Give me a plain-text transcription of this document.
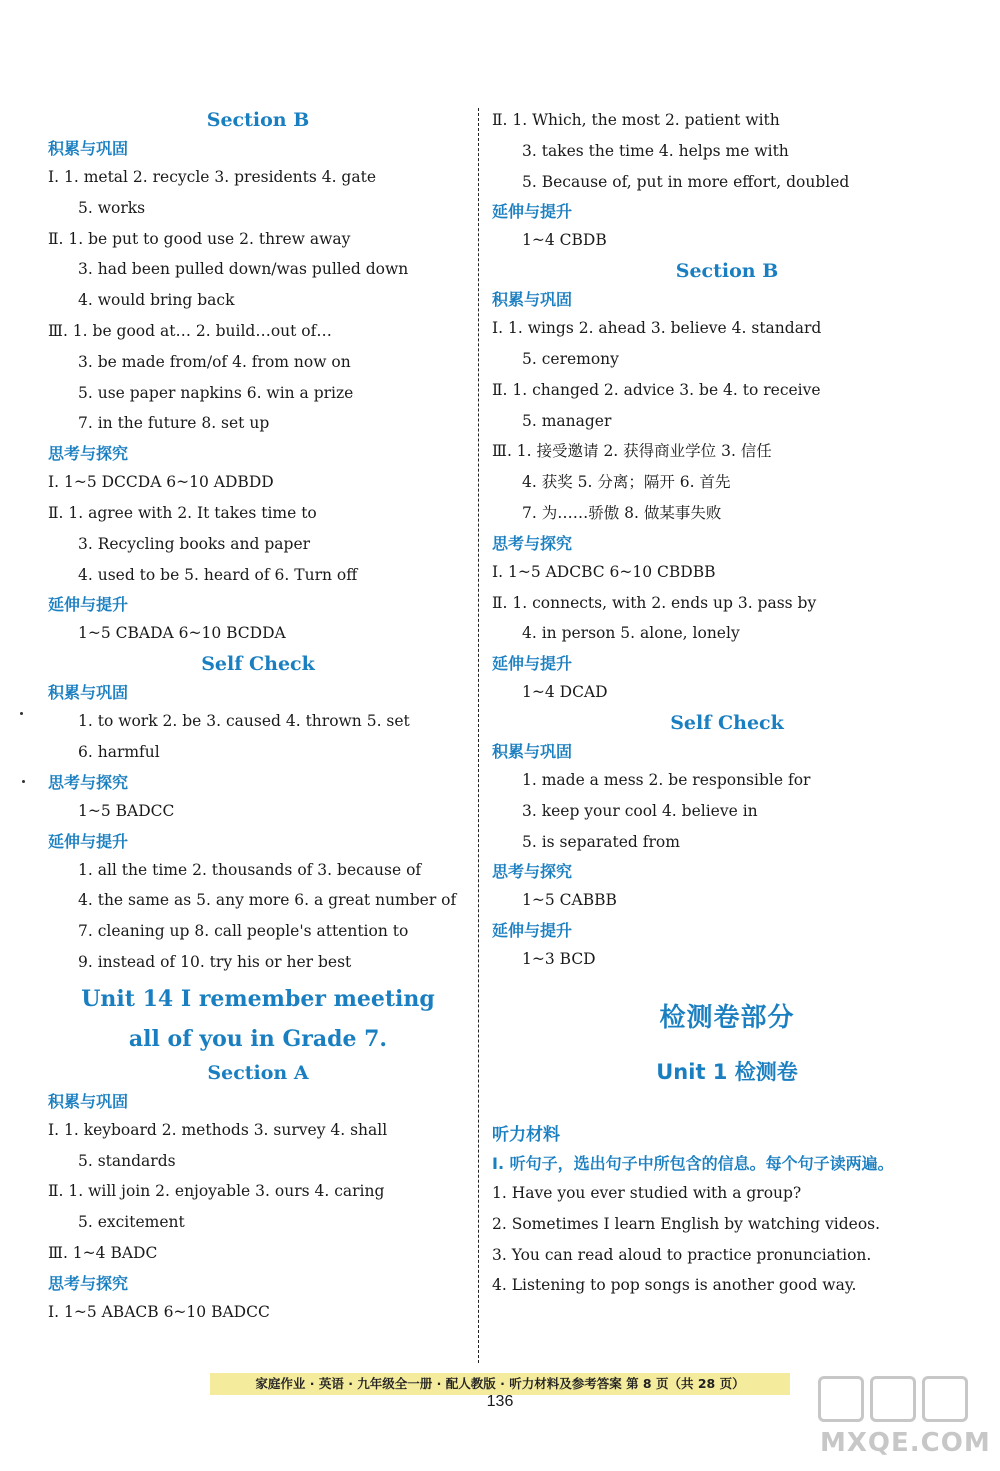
Section B
积累与巩固
Ⅰ. 1. metal 2. recycle 3. presidents 4. gate
5. works
Ⅱ. 1. be put to good use 2. threw away
3. had been pulled down/was pulled down
4. would bring back
Ⅲ. 1. be good at… 2. build…out of…
3. be made from/of 4. from now on
5. use paper napkins 6. win a prize
7. in the future 8. set up
思考与探究
Ⅰ. 1~5 DCCDA 6~10 ADBDD
Ⅱ. 1. agree with 2. It takes time to
3. Recycling books and paper
4. used to be 5. heard of 6. Turn off
延伸与提升
1~5 CBADA 6~10 BCDDA
Self Check
积累与巩固
1. to work 2. be 3. caused 4. thrown 5. set
6. harmful
思考与探究
1~5 BADCC
延伸与提升
1. all the time 2. thousands of 3. because of
4. the same as 5. any more 6. a great number of
7. cleaning up 8. call people's attention to
9. instead of 10. try his or her best
Unit 14 I remember meeting
all of you in Grade 7.
Section A
积累与巩固
Ⅰ. 1. keyboard 2. methods 3. survey 4. shall
5. standards
Ⅱ. 1. will join 2. enjoyable 3. ours 4. caring
5. excitement
Ⅲ. 1~4 BADC
思考与探究
Ⅰ. 1~5 ABACB 6~10 BADCC
Ⅱ. 1. Which, the most 2. patient with
3. takes the time 4. helps me with
5. Because of, put in more effort, doubled
延伸与提升
1~4 CBDB
Section B
积累与巩固
Ⅰ. 1. wings 2. ahead 3. believe 4. standard
5. ceremony
Ⅱ. 1. changed 2. advice 3. be 4. to receive
5. manager
Ⅲ. 1. 接受邀请 2. 获得商业学位 3. 信任
4. 获奖 5. 分离；隔开 6. 首先
7. 为……骄傲 8. 做某事失败
思考与探究
Ⅰ. 1~5 ADCBC 6~10 CBDBB
Ⅱ. 1. connects, with 2. ends up 3. pass by
4. in person 5. alone, lonely
延伸与提升
1~4 DCAD
Self Check
积累与巩固
1. made a mess 2. be responsible for
3. keep your cool 4. believe in
5. is separated from
思考与探究
1~5 CABBB
延伸与提升
1~3 BCD
检测卷部分
Unit 1 检测卷
听力材料
Ⅰ. 听句子，选出句子中所包含的信息。每个句子读两遍。
1. Have you ever studied with a group?
2. Sometimes I learn English by watching videos.
3. You can read aloud to practice pronunciation.
4. Listening to pop songs is another good way.
家庭作业 · 英语 · 九年级全一册 · 配人教版 · 听力材料及参考答案 第 8 页（共 28 页）
136
MXQE.COM
